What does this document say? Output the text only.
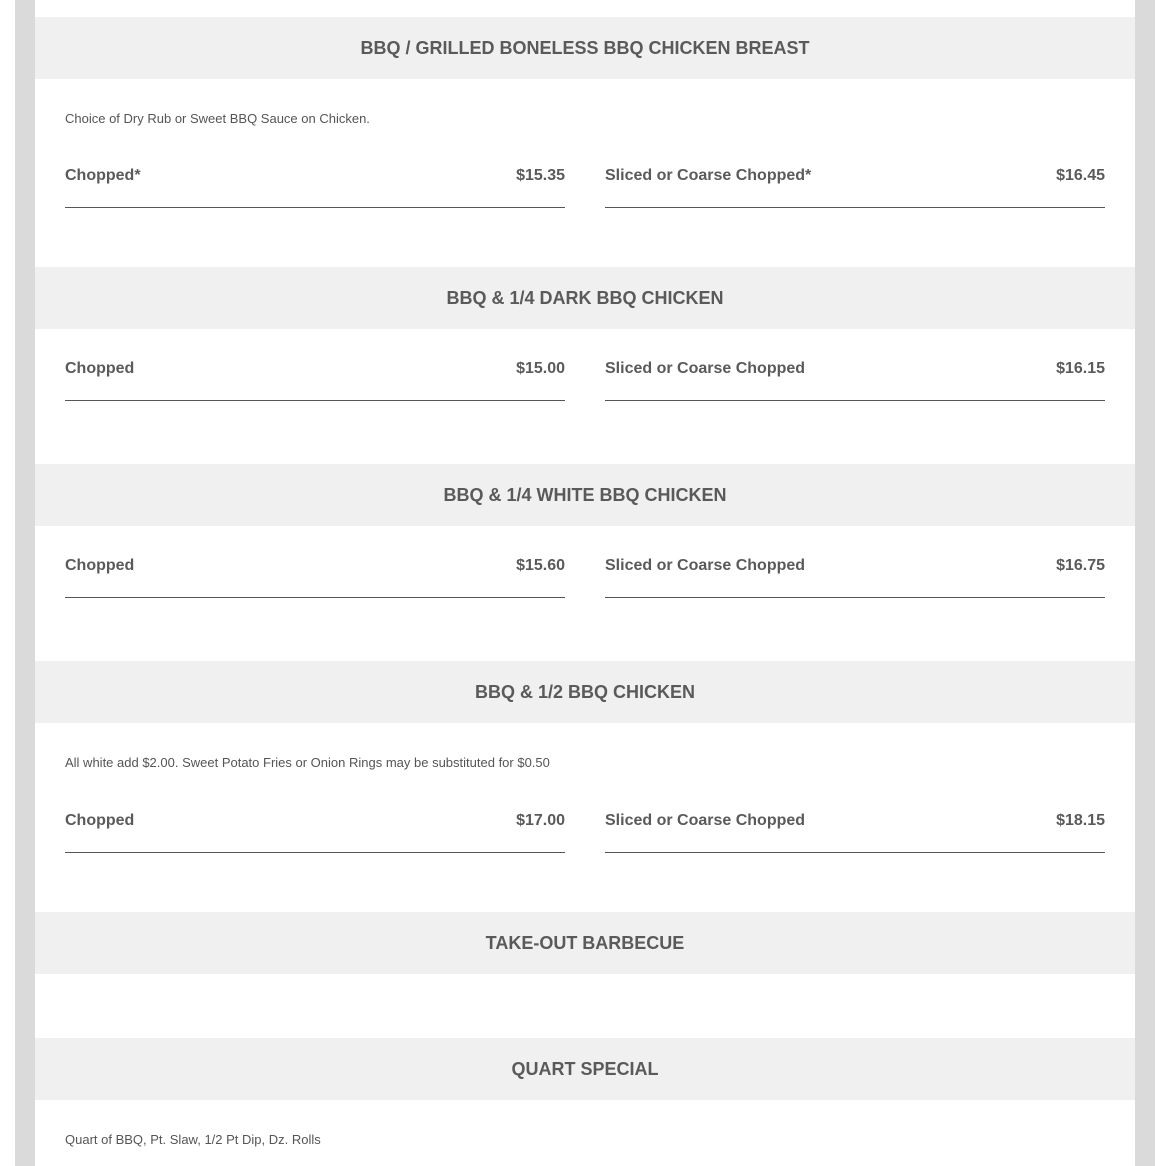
BBQ / GRILLED BONELESS BBQ CHICKEN BREAST
Choice of Dry Rub or Sweet BBQ Sauce on Chicken.
Chopped*	$15.35	Sliced or Coarse Chopped*	$16.45
BBQ & 1/4 DARK BBQ CHICKEN
Chopped	$15.00	Sliced or Coarse Chopped	$16.15
BBQ & 1/4 WHITE BBQ CHICKEN
Chopped	$15.60	Sliced or Coarse Chopped	$16.75
BBQ & 1/2 BBQ CHICKEN
All white add $2.00. Sweet Potato Fries or Onion Rings may be substituted for $0.50
Chopped	$17.00	Sliced or Coarse Chopped	$18.15
TAKE-OUT BARBECUE
QUART SPECIAL
Quart of BBQ, Pt. Slaw, 1/2 Pt Dip, Dz. Rolls
